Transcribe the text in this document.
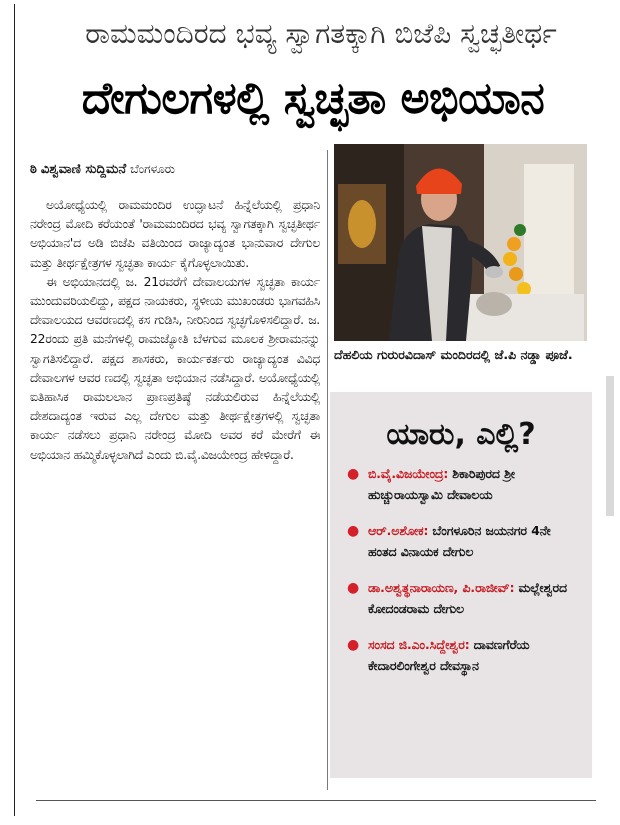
ರಾಮಮಂದಿರದ ಭವ್ಯ ಸ್ವಾಗತಕ್ಕಾಗಿ ಬಿಜೆಪಿ ಸ್ವಚ್ಛತೀರ್ಥ
ದೇಗುಲಗಳಲ್ಲಿ ಸ್ವಚ್ಛತಾ ಅಭಿಯಾನ
ಠಿ ವಿಶ್ವವಾಣಿ ಸುದ್ದಿಮನೆ ಬೆಂಗಳೂರು

ಅಯೋಧ್ಯೆಯಲ್ಲಿ ರಾಮಮಂದಿರ ಉದ್ಘಾಟನೆ ಹಿನ್ನೆಲೆಯಲ್ಲಿ ಪ್ರಧಾನಿ ನರೇಂದ್ರ ಮೋದಿ ಕರೆಯಂತೆ 'ರಾಮಮಂದಿರದ ಭವ್ಯ ಸ್ವಾಗತಕ್ಕಾಗಿ ಸ್ವಚ್ಛತೀರ್ಥ ಅಭಿಯಾನ'ದ ಅಡಿ ಬಿಜೆಪಿ ವತಿಯಿಂದ ರಾಜ್ಯಾದ್ಯಂತ ಭಾನುವಾರ ದೇಗುಲ ಮತ್ತು ತೀರ್ಥಕ್ಷೇತ್ರಗಳ ಸ್ವಚ್ಛತಾ ಕಾರ್ಯ ಕೈಗೊಳ್ಳಲಾಯಿತು.

ಈ ಅಭಿಯಾನದಲ್ಲಿ ಜ. 21ರವರೆಗೆ ದೇವಾಲಯಗಳ ಸ್ವಚ್ಛತಾ ಕಾರ್ಯ ಮುಂದುವರಿಯಲಿದ್ದು, ಪಕ್ಷದ ನಾಯಕರು, ಸ್ಥಳೀಯ ಮುಖಂಡರು ಭಾಗವಹಿಸಿ ದೇವಾಲಯದ ಆವರಣದಲ್ಲಿ ಕಸ ಗುಡಿಸಿ, ನೀರಿನಿಂದ ಸ್ವಚ್ಛಗೊಳಿಸಲಿದ್ದಾರೆ. ಜ. 22ರಂದು ಪ್ರತಿ ಮನೆಗಳಲ್ಲಿ ರಾಮಜ್ಯೋತಿ ಬೆಳಗುವ ಮೂಲಕ ಶ್ರೀರಾಮನನ್ನು ಸ್ವಾಗತಿಸಲಿದ್ದಾರೆ. ಪಕ್ಷದ ಶಾಸಕರು, ಕಾರ್ಯಕರ್ತರು ರಾಜ್ಯಾದ್ಯಂತ ವಿವಿಧ ದೇವಾಲಗಳ ಆವರ ಣದಲ್ಲಿ ಸ್ವಚ್ಛತಾ ಅಭಿಯಾನ ನಡೆಸಿದ್ದಾರೆ. ಅಯೋಧ್ಯೆಯಲ್ಲಿ ಐತಿಹಾಸಿಕ ರಾಮಲಲಾನ ಪ್ರಾಣಪ್ರತಿಷ್ಠೆ ನಡೆಯಲಿರುವ ಹಿನ್ನೆಲೆಯಲ್ಲಿ ದೇಶದಾದ್ಯಂತ ಇರುವ ಎಲ್ಲ ದೇಗುಲ ಮತ್ತು ತೀರ್ಥಕ್ಷೇತ್ರಗಳಲ್ಲಿ ಸ್ವಚ್ಛತಾ ಕಾರ್ಯ ನಡೆಸಲು ಪ್ರಧಾನಿ ನರೇಂದ್ರ ಮೋದಿ ಅವರ ಕರೆ ಮೇರೆಗೆ ಈ ಅಭಿಯಾನ ಹಮ್ಮಿಕೊಳ್ಳಲಾಗಿದೆ ಎಂದು ಬಿ.ವೈ.ವಿಜಯೇಂದ್ರ ಹೇಳಿದ್ದಾರೆ.

ದೆಹಲಿಯ ಗುರುರವಿದಾಸ್ ಮಂದಿರದಲ್ಲಿ ಜೆ.ಪಿ ನಡ್ಡಾ ಪೂಜೆ.
ಯಾರು, ಎಲ್ಲಿ?
● ಬಿ.ವೈ.ವಿಜಯೇಂದ್ರ: ಶಿಕಾರಿಪುರದ ಶ್ರೀ ಹುಚ್ಚುರಾಯಸ್ವಾಮಿ ದೇವಾಲಯ
● ಆರ್.ಅಶೋಕ: ಬೆಂಗಳೂರಿನ ಜಯನಗರ 4ನೇ ಹಂತದ ವಿನಾಯಕ ದೇಗುಲ
● ಡಾ.ಅಶ್ವತ್ಥನಾರಾಯಣ, ಪಿ.ರಾಜೀವ್: ಮಲ್ಲೇಶ್ವರದ ಕೋದಂಡರಾಮ ದೇಗುಲ
● ಸಂಸದ ಜಿ.ಎಂ.ಸಿದ್ದೇಶ್ವರ: ದಾವಣಗೆರೆಯ ಕೇದಾರಲಿಂಗೇಶ್ವರ ದೇವಸ್ಥಾನ
